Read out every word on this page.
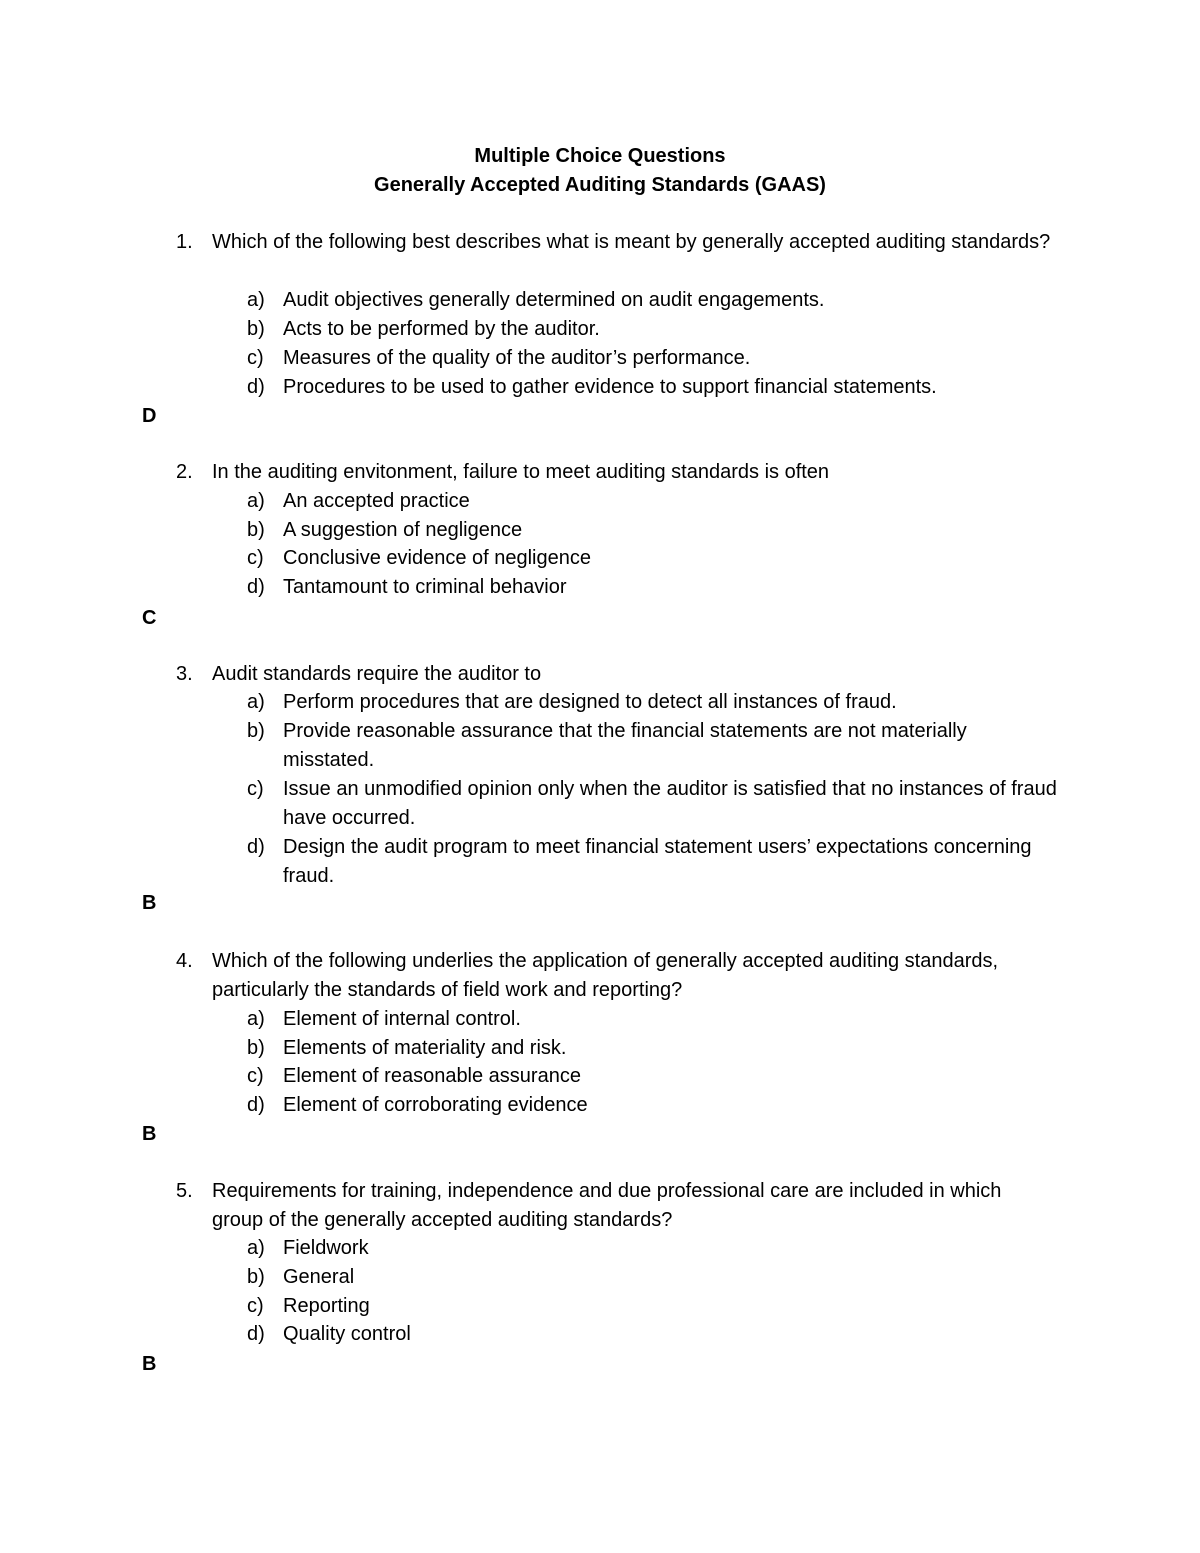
Multiple Choice Questions
Generally Accepted Auditing Standards (GAAS)
1. Which of the following best describes what is meant by generally accepted auditing standards?
a) Audit objectives generally determined on audit engagements.
b) Acts to be performed by the auditor.
c) Measures of the quality of the auditor’s performance.
d) Procedures to be used to gather evidence to support financial statements.
D
2. In the auditing envitonment, failure to meet auditing standards is often
a) An accepted practice
b) A suggestion of negligence
c) Conclusive evidence of negligence
d) Tantamount to criminal behavior
C
3. Audit standards require the auditor to
a) Perform procedures that are designed to detect all instances of fraud.
b) Provide reasonable assurance that the financial statements are not materially misstated.
c) Issue an unmodified opinion only when the auditor is satisfied that no instances of fraud have occurred.
d) Design the audit program to meet financial statement users’ expectations concerning fraud.
B
4. Which of the following underlies the application of generally accepted auditing standards, particularly the standards of field work and reporting?
a) Element of internal control.
b) Elements of materiality and risk.
c) Element of reasonable assurance
d) Element of corroborating evidence
B
5. Requirements for training, independence and due professional care are included in which group of the generally accepted auditing standards?
a) Fieldwork
b) General
c) Reporting
d) Quality control
B
